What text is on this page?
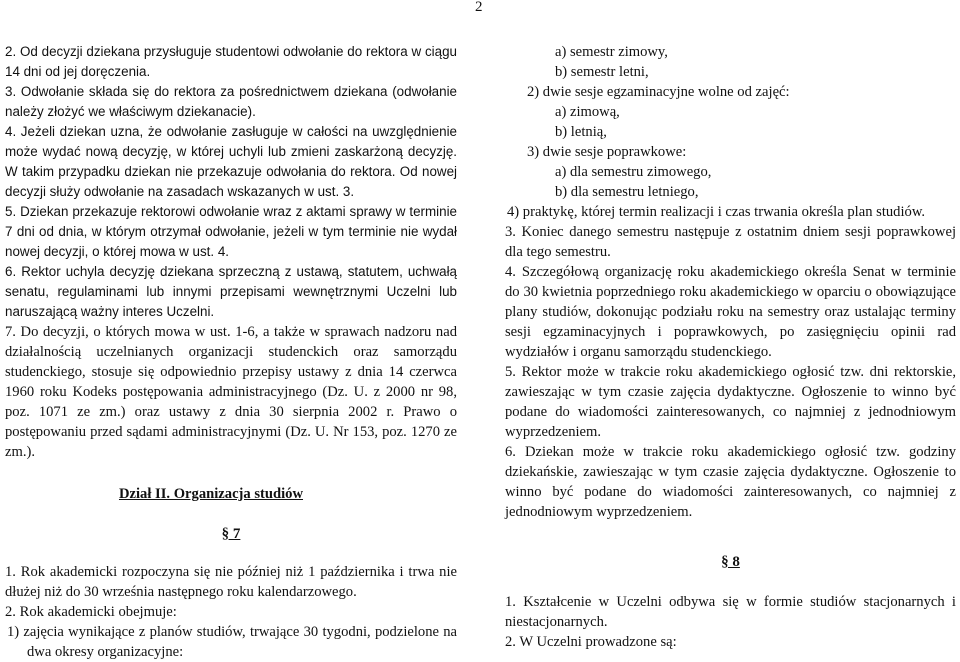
2

2. Od decyzji dziekana przysługuje studentowi odwołanie do rektora w ciągu 14 dni od jej doręczenia.

3. Odwołanie składa się do rektora za pośrednictwem dziekana (odwołanie należy złożyć we właściwym dziekanacie).

4. Jeżeli dziekan uzna, że odwołanie zasługuje w całości na uwzględnienie może wydać nową decyzję, w której uchyli lub zmieni zaskarżoną decyzję. W takim przypadku dziekan nie przekazuje odwołania do rektora. Od nowej decyzji służy odwołanie na zasadach wskazanych w ust. 3.

5. Dziekan przekazuje rektorowi odwołanie wraz z aktami sprawy w terminie 7 dni od dnia, w którym otrzymał odwołanie, jeżeli w tym terminie nie wydał nowej decyzji, o której mowa w ust. 4.

6. Rektor uchyla decyzję dziekana sprzeczną z ustawą, statutem, uchwałą senatu, regulaminami lub innymi przepisami wewnętrznymi Uczelni lub naruszającą ważny interes Uczelni.

7. Do decyzji, o których mowa w ust. 1-6, a także w sprawach nadzoru nad działalnością uczelnianych organizacji studenckich oraz samorządu studenckiego, stosuje się odpowiednio przepisy ustawy z dnia 14 czerwca 1960 roku Kodeks postępowania administracyjnego (Dz. U. z 2000 nr 98, poz. 1071 ze zm.) oraz ustawy z dnia 30 sierpnia 2002 r. Prawo o postępowaniu przed sądami administracyjnymi (Dz. U. Nr 153, poz. 1270 ze zm.).

Dział II. Organizacja studiów

§ 7

1. Rok akademicki rozpoczyna się nie później niż 1 października i trwa nie dłużej niż do 30 września następnego roku kalendarzowego.

2. Rok akademicki obejmuje:

1) zajęcia wynikające z planów studiów, trwające 30 tygodni, podzielone na dwa okresy organizacyjne:

a) semestr zimowy,

b) semestr letni,

2) dwie sesje egzaminacyjne wolne od zajęć:

a) zimową,

b) letnią,

3) dwie sesje poprawkowe:

a) dla semestru zimowego,

b) dla semestru letniego,

4) praktykę, której termin realizacji i czas trwania określa plan studiów.

3. Koniec danego semestru następuje z ostatnim dniem sesji poprawkowej dla tego semestru.

4. Szczegółową organizację roku akademickiego określa Senat w terminie do 30 kwietnia poprzedniego roku akademickiego w oparciu o obowiązujące plany studiów, dokonując podziału roku na semestry oraz ustalając terminy sesji egzaminacyjnych i poprawkowych, po zasięgnięciu opinii rad wydziałów i organu samorządu studenckiego.

5. Rektor może w trakcie roku akademickiego ogłosić tzw. dni rektorskie, zawieszając w tym czasie zajęcia dydaktyczne. Ogłoszenie to winno być podane do wiadomości zainteresowanych, co najmniej z jednodniowym wyprzedzeniem.

6. Dziekan może w trakcie roku akademickiego ogłosić tzw. godziny dziekańskie, zawieszając w tym czasie zajęcia dydaktyczne. Ogłoszenie to winno być podane do wiadomości zainteresowanych, co najmniej z jednodniowym wyprzedzeniem.

§ 8

1. Kształcenie w Uczelni odbywa się w formie studiów stacjonarnych i niestacjonarnych.

2. W Uczelni prowadzone są:
